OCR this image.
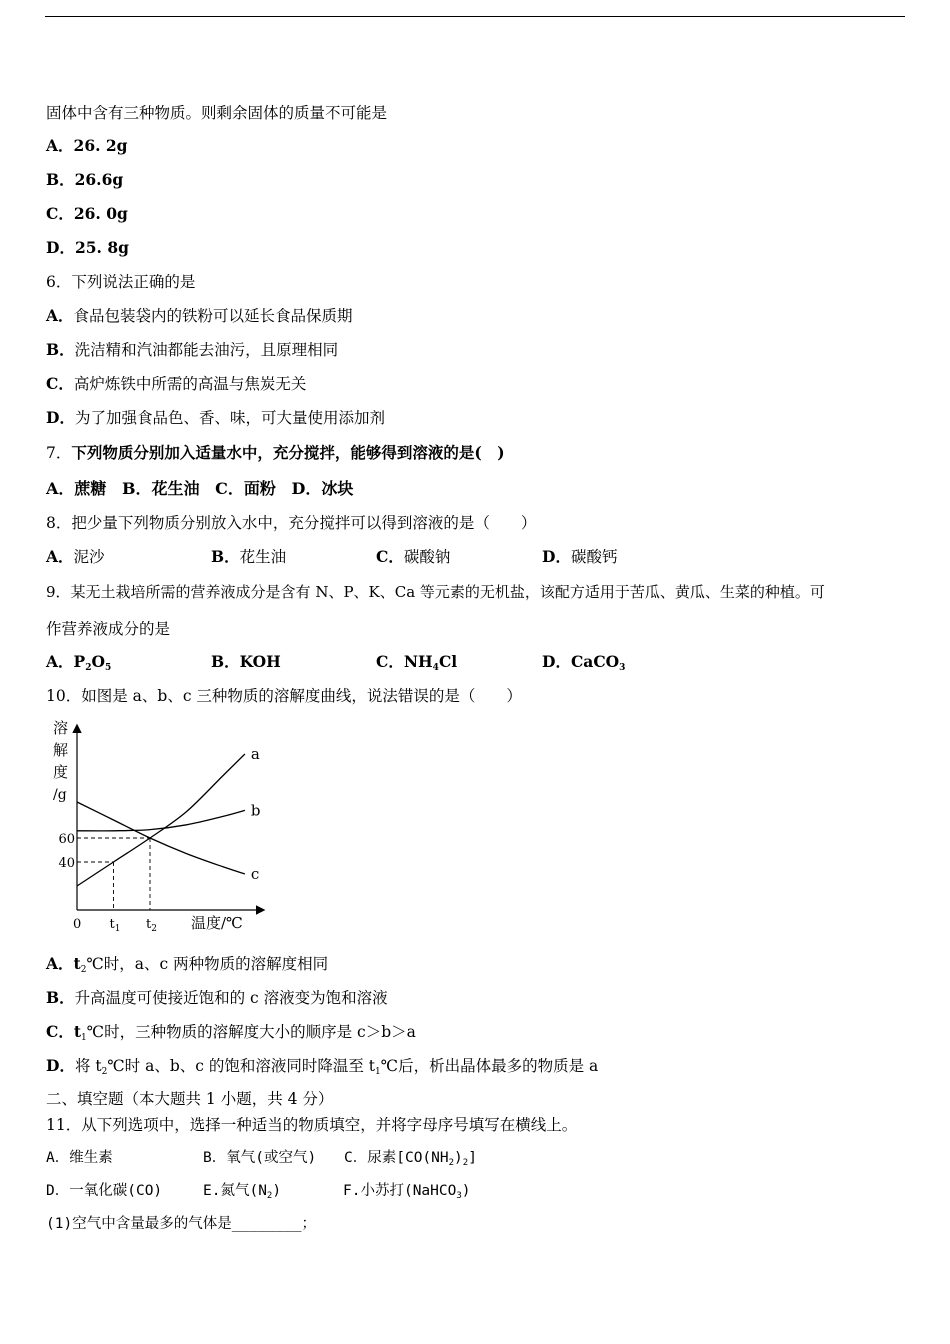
固体中含有三种物质。则剩余固体的质量不可能是
A．26. 2g
B．26.6g
C．26. 0g
D．25. 8g
6．下列说法正确的是
A．食品包装袋内的铁粉可以延长食品保质期
B．洗洁精和汽油都能去油污，且原理相同
C．高炉炼铁中所需的高温与焦炭无关
D．为了加强食品色、香、味，可大量使用添加剂
7．下列物质分别加入适量水中，充分搅拌，能够得到溶液的是(　)
A．蔗糖 B．花生油 C．面粉 D．冰块
8．把少量下列物质分别放入水中，充分搅拌可以得到溶液的是（　　）
A．泥沙	B．花生油	C．碳酸钠	D．碳酸钙
9．某无土栽培所需的营养液成分是含有 N、P、K、Ca 等元素的无机盐，该配方适用于苦瓜、黄瓜、生菜的种植。可
作营养液成分的是
A．$P_2O_5$	B．KOH	C．$NH_4Cl$	D．CaCO$_3$
10．如图是 a、b、c 三种物质的溶解度曲线，说法错误的是（　　）
溶
解
度
/g
温度/℃
a
b
c
40
60
0 $t_1$ $t_2$
A．$t_2℃$时，a、c 两种物质的溶解度相同
B．升高温度可使接近饱和的 c 溶液变为饱和溶液
C．$t_1℃$时，三种物质的溶解度大小的顺序是 c＞b＞a
D．将 $t_2℃$时 a、b、c 的饱和溶液同时降温至 $t_1℃$后，析出晶体最多的物质是 a
二、填空题（本大题共 1 小题，共 4 分）
11．从下列选项中，选择一种适当的物质填空，并将字母序号填写在横线上。
A．维生素	B．氧气(或空气) C．尿素$[CO(NH_2)_2]$
D．一氧化碳(CO)	E.氮气$(N_2)$	F.小苏打(NaHCO$_3$)
(1)空气中含量最多的气体是________；
